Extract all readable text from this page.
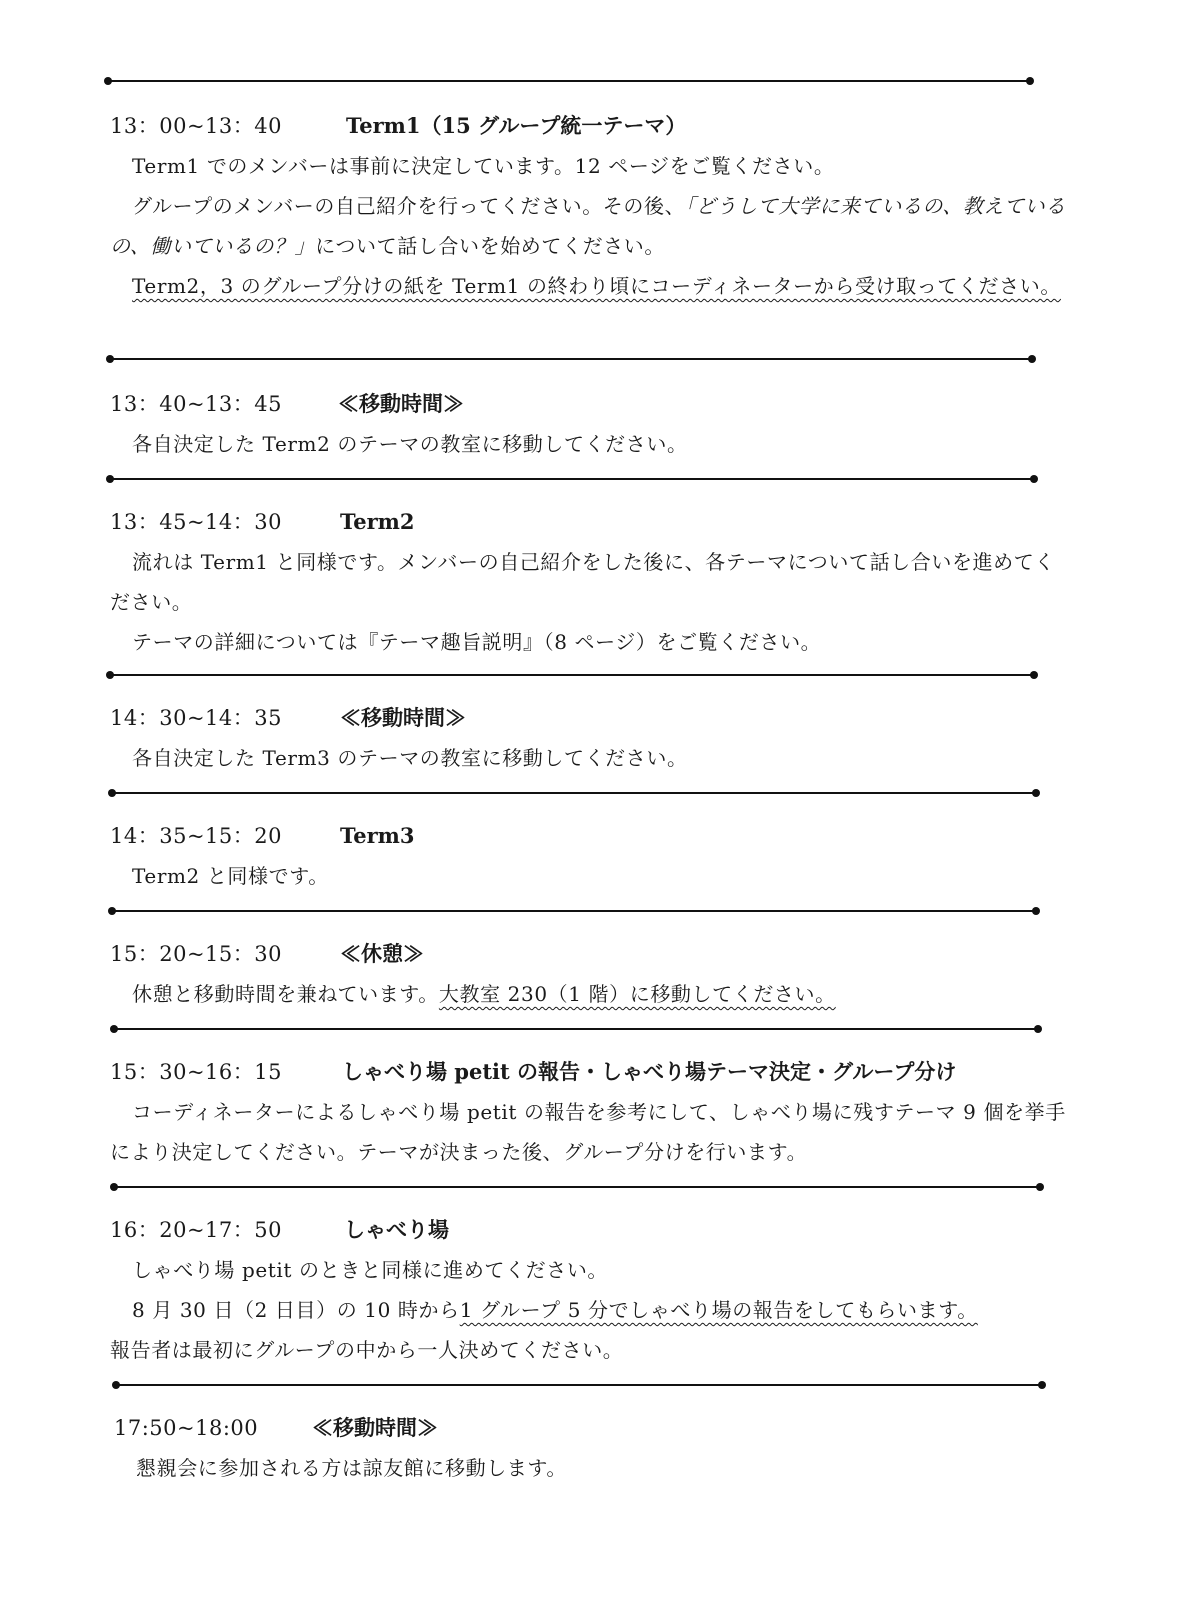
13：00~13：40	Term1（15 グループ統一テーマ）

Term1 でのメンバーは事前に決定しています。12 ページをご覧ください。

グループのメンバーの自己紹介を行ってください。その後、「どうして大学に来ているの、教えているの、働いているの？」について話し合いを始めてください。

Term2，3 のグループ分けの紙を Term1 の終わり頃にコーディネーターから受け取ってください。

13：40~13：45	≪移動時間≫

各自決定した Term2 のテーマの教室に移動してください。

13：45~14：30	Term2

流れは Term1 と同様です。メンバーの自己紹介をした後に、各テーマについて話し合いを進めてください。

テーマの詳細については『テーマ趣旨説明』（8 ページ）をご覧ください。

14：30~14：35	≪移動時間≫

各自決定した Term3 のテーマの教室に移動してください。

14：35~15：20	Term3

Term2 と同様です。

15：20~15：30	≪休憩≫

休憩と移動時間を兼ねています。大教室 230（1 階）に移動してください。

15：30~16：15	しゃべり場 petit の報告・しゃべり場テーマ決定・グループ分け

コーディネーターによるしゃべり場 petit の報告を参考にして、しゃべり場に残すテーマ 9 個を挙手により決定してください。テーマが決まった後、グループ分けを行います。

16：20~17：50	しゃべり場

しゃべり場 petit のときと同様に進めてください。

8 月 30 日（2 日目）の 10 時から1 グループ 5 分でしゃべり場の報告をしてもらいます。

報告者は最初にグループの中から一人決めてください。

17:50~18:00	≪移動時間≫

懇親会に参加される方は諒友館に移動します。
